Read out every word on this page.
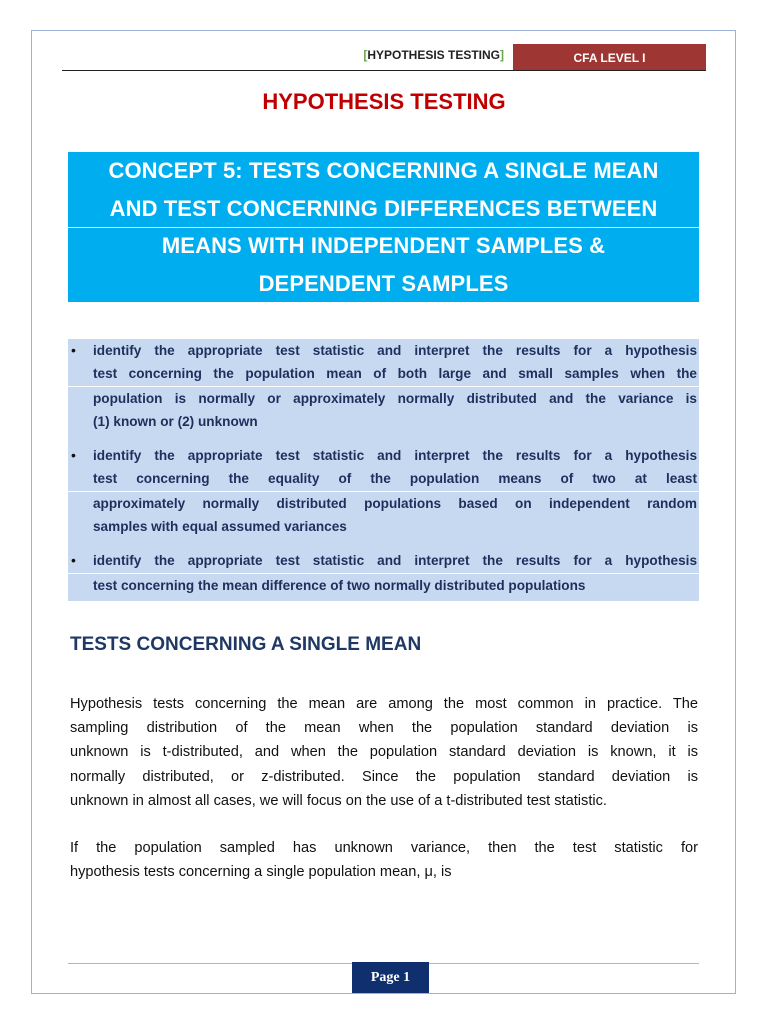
[HYPOTHESIS TESTING]	CFA LEVEL I
HYPOTHESIS TESTING
CONCEPT 5: TESTS CONCERNING A SINGLE MEAN
AND TEST CONCERNING DIFFERENCES BETWEEN
MEANS WITH INDEPENDENT SAMPLES &
DEPENDENT SAMPLES
•	identify the appropriate test statistic and interpret the results for a hypothesis
test concerning the population mean of both large and small samples when the
population is normally or approximately normally distributed and the variance is
(1) known or (2) unknown
•	identify the appropriate test statistic and interpret the results for a hypothesis
test concerning the equality of the population means of two at least
approximately normally distributed populations based on independent random
samples with equal assumed variances
•	identify the appropriate test statistic and interpret the results for a hypothesis
test concerning the mean difference of two normally distributed populations
TESTS CONCERNING A SINGLE MEAN
Hypothesis tests concerning the mean are among the most common in practice. The
sampling distribution of the mean when the population standard deviation is
unknown is t-distributed, and when the population standard deviation is known, it is
normally distributed, or z-distributed. Since the population standard deviation is
unknown in almost all cases, we will focus on the use of a t-distributed test statistic.
If the population sampled has unknown variance, then the test statistic for
hypothesis tests concerning a single population mean, μ, is
Page 1
